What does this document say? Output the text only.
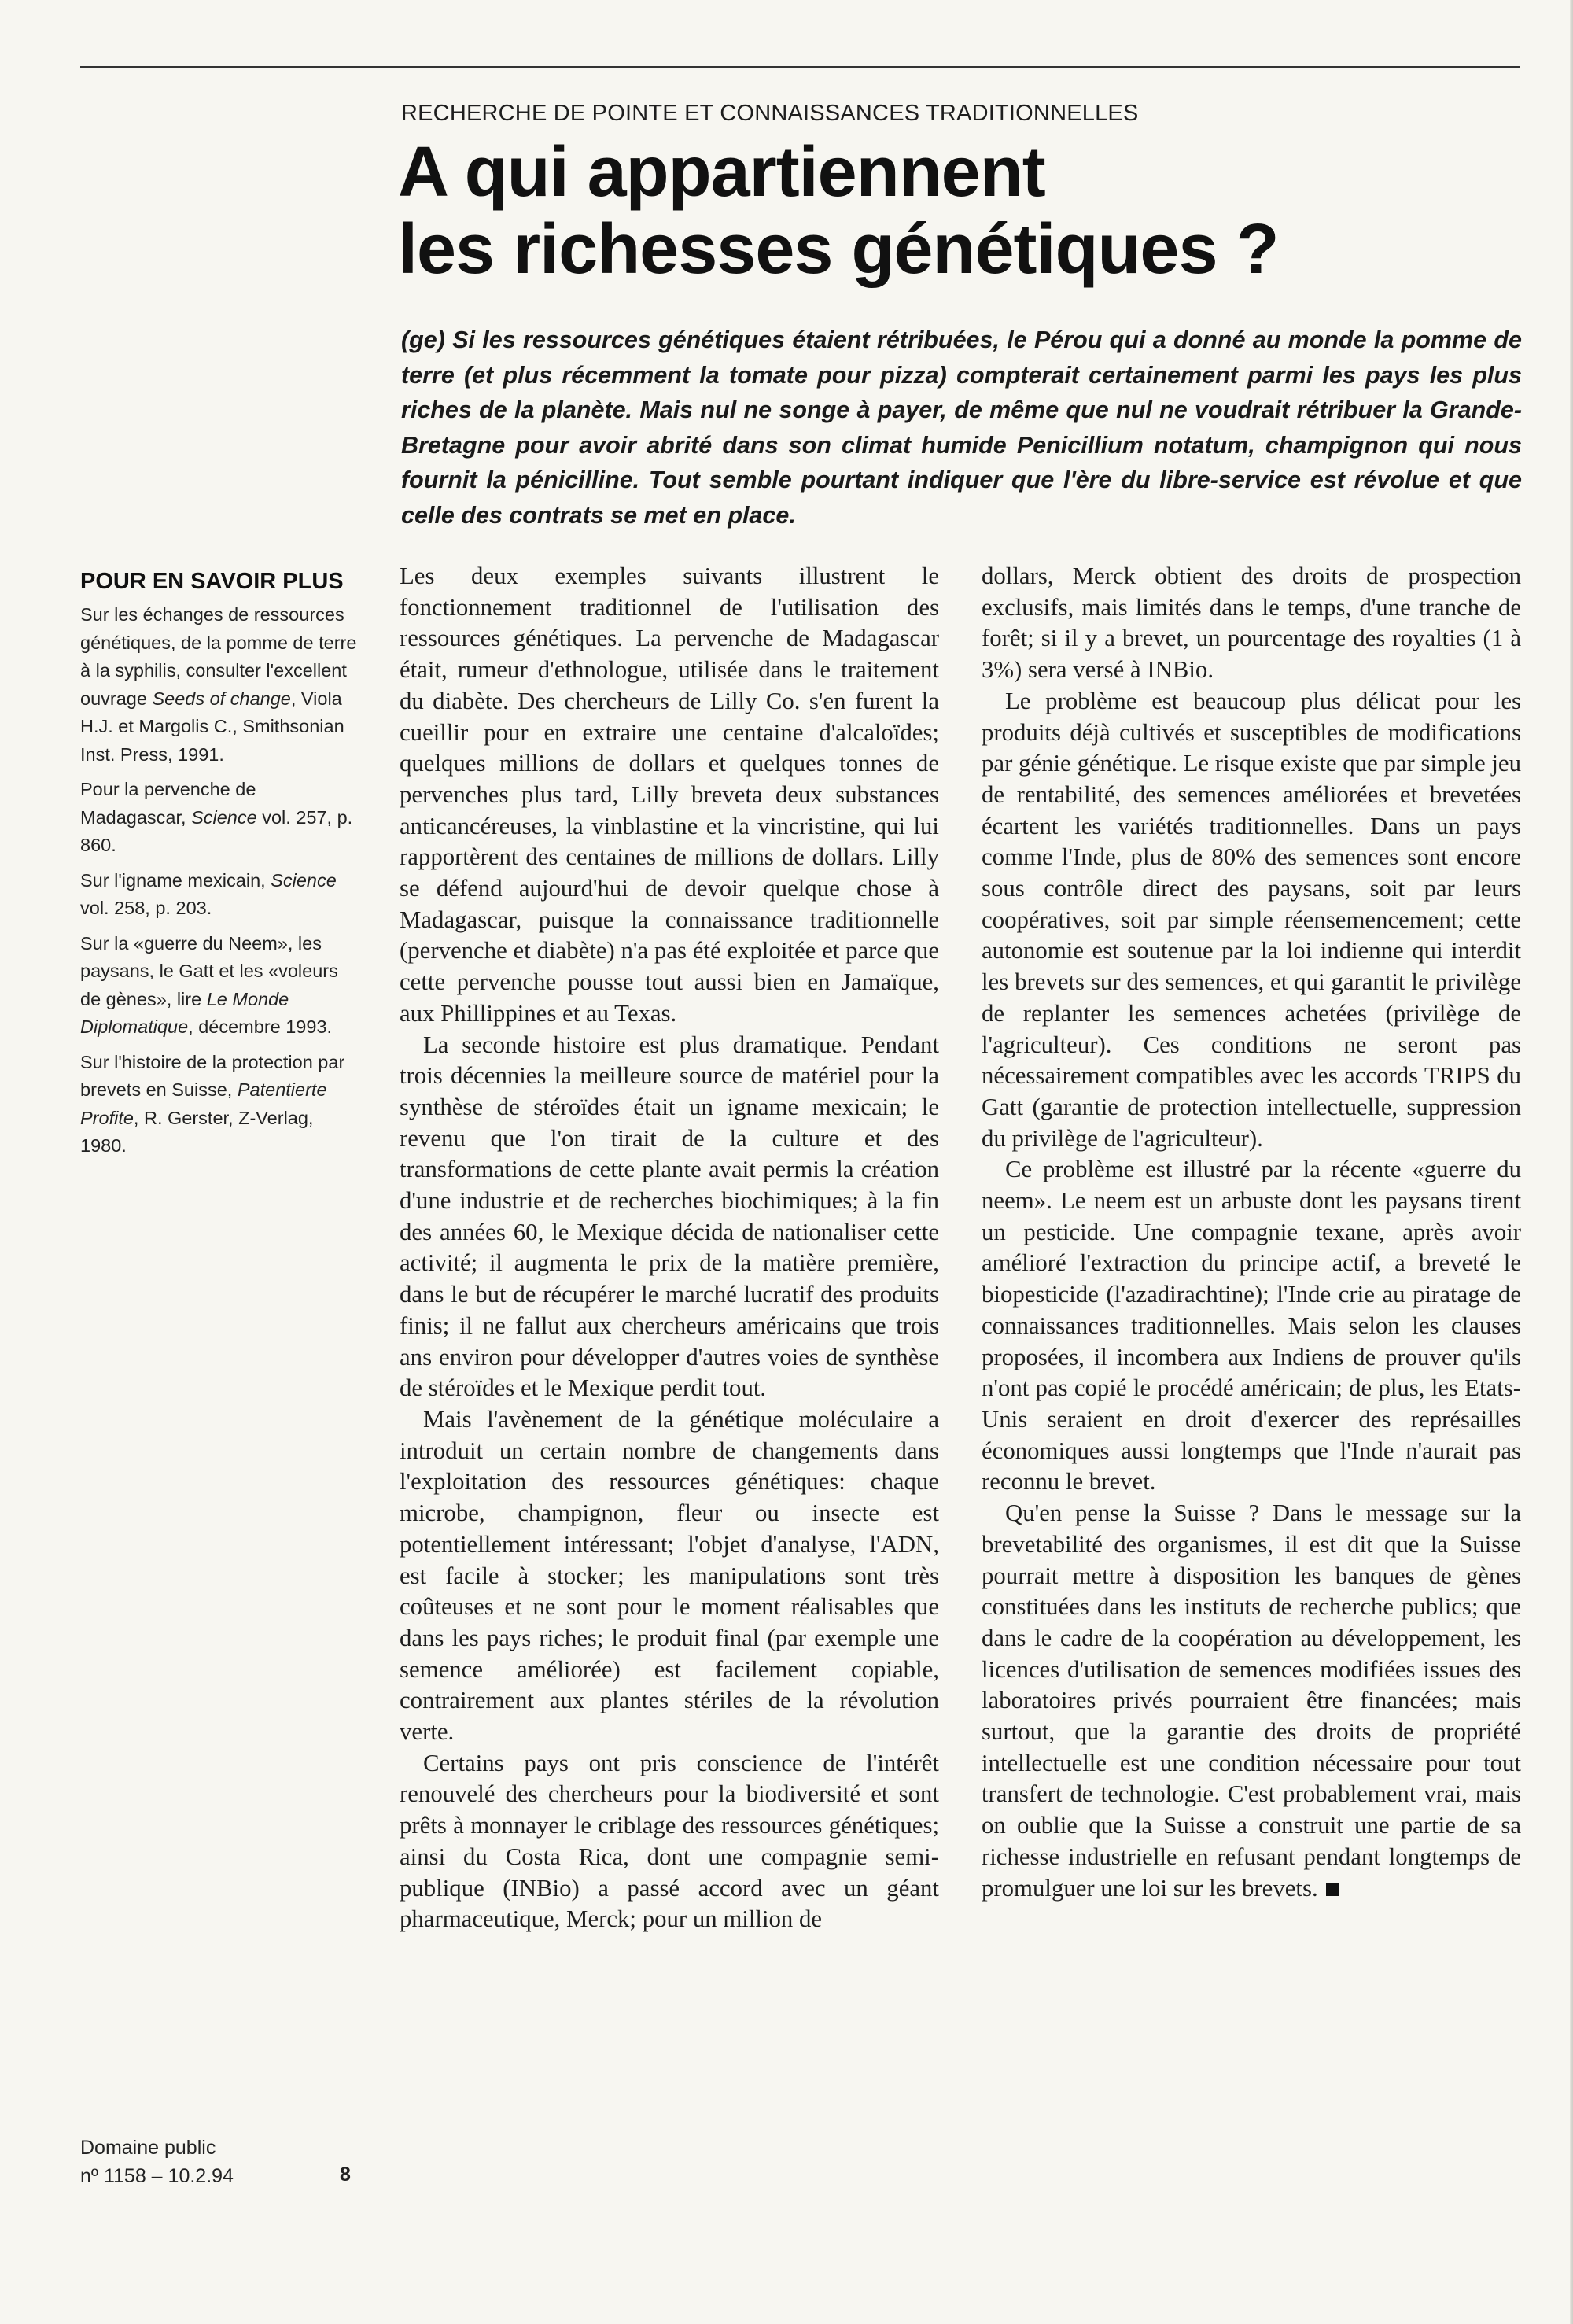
RECHERCHE DE POINTE ET CONNAISSANCES TRADITIONNELLES
A qui appartiennent
les richesses génétiques ?

(ge) Si les ressources génétiques étaient rétribuées, le Pérou qui a donné au monde la pomme de terre (et plus récemment la tomate pour pizza) compterait certainement parmi les pays les plus riches de la planète. Mais nul ne songe à payer, de même que nul ne voudrait rétribuer la Grande-Bretagne pour avoir abrité dans son climat humide Penicillium notatum, champignon qui nous fournit la pénicilline. Tout semble pourtant indiquer que l'ère du libre-service est révolue et que celle des contrats se met en place.

POUR EN SAVOIR PLUS
Sur les échanges de ressources génétiques, de la pomme de terre à la syphilis, consulter l'excellent ouvrage Seeds of change, Viola H.J. et Margolis C., Smithsonian Inst. Press, 1991.
Pour la pervenche de Madagascar, Science vol. 257, p. 860.
Sur l'igname mexicain, Science vol. 258, p. 203.
Sur la «guerre du Neem», les paysans, le Gatt et les «voleurs de gènes», lire Le Monde Diplomatique, décembre 1993.
Sur l'histoire de la protection par brevets en Suisse, Patentierte Profite, R. Gerster, Z-Verlag, 1980.

Les deux exemples suivants illustrent le fonctionnement traditionnel de l'utilisation des ressources génétiques. La pervenche de Madagascar était, rumeur d'ethnologue, utilisée dans le traitement du diabète. Des chercheurs de Lilly Co. s'en furent la cueillir pour en extraire une centaine d'alcaloïdes; quelques millions de dollars et quelques tonnes de pervenches plus tard, Lilly breveta deux substances anticancéreuses, la vinblastine et la vincristine, qui lui rapportèrent des centaines de millions de dollars. Lilly se défend aujourd'hui de devoir quelque chose à Madagascar, puisque la connaissance traditionnelle (pervenche et diabète) n'a pas été exploitée et parce que cette pervenche pousse tout aussi bien en Jamaïque, aux Phillippines et au Texas.

La seconde histoire est plus dramatique. Pendant trois décennies la meilleure source de matériel pour la synthèse de stéroïdes était un igname mexicain; le revenu que l'on tirait de la culture et des transformations de cette plante avait permis la création d'une industrie et de recherches biochimiques; à la fin des années 60, le Mexique décida de nationaliser cette activité; il augmenta le prix de la matière première, dans le but de récupérer le marché lucratif des produits finis; il ne fallut aux chercheurs américains que trois ans environ pour développer d'autres voies de synthèse de stéroïdes et le Mexique perdit tout.

Mais l'avènement de la génétique moléculaire a introduit un certain nombre de changements dans l'exploitation des ressources génétiques: chaque microbe, champignon, fleur ou insecte est potentiellement intéressant; l'objet d'analyse, l'ADN, est facile à stocker; les manipulations sont très coûteuses et ne sont pour le moment réalisables que dans les pays riches; le produit final (par exemple une semence améliorée) est facilement copiable, contrairement aux plantes stériles de la révolution verte.

Certains pays ont pris conscience de l'intérêt renouvelé des chercheurs pour la biodiversité et sont prêts à monnayer le criblage des ressources génétiques; ainsi du Costa Rica, dont une compagnie semi-publique (INBio) a passé accord avec un géant pharmaceutique, Merck; pour un million de

dollars, Merck obtient des droits de prospection exclusifs, mais limités dans le temps, d'une tranche de forêt; si il y a brevet, un pourcentage des royalties (1 à 3%) sera versé à INBio.

Le problème est beaucoup plus délicat pour les produits déjà cultivés et susceptibles de modifications par génie génétique. Le risque existe que par simple jeu de rentabilité, des semences améliorées et brevetées écartent les variétés traditionnelles. Dans un pays comme l'Inde, plus de 80% des semences sont encore sous contrôle direct des paysans, soit par leurs coopératives, soit par simple réensemencement; cette autonomie est soutenue par la loi indienne qui interdit les brevets sur des semences, et qui garantit le privilège de replanter les semences achetées (privilège de l'agriculteur). Ces conditions ne seront pas nécessairement compatibles avec les accords TRIPS du Gatt (garantie de protection intellectuelle, suppression du privilège de l'agriculteur).

Ce problème est illustré par la récente «guerre du neem». Le neem est un arbuste dont les paysans tirent un pesticide. Une compagnie texane, après avoir amélioré l'extraction du principe actif, a breveté le biopesticide (l'azadirachtine); l'Inde crie au piratage de connaissances traditionnelles. Mais selon les clauses proposées, il incombera aux Indiens de prouver qu'ils n'ont pas copié le procédé américain; de plus, les Etats-Unis seraient en droit d'exercer des représailles économiques aussi longtemps que l'Inde n'aurait pas reconnu le brevet.

Qu'en pense la Suisse ? Dans le message sur la brevetabilité des organismes, il est dit que la Suisse pourrait mettre à disposition les banques de gènes constituées dans les instituts de recherche publics; que dans le cadre de la coopération au développement, les licences d'utilisation de semences modifiées issues des laboratoires privés pourraient être financées; mais surtout, que la garantie des droits de propriété intellectuelle est une condition nécessaire pour tout transfert de technologie. C'est probablement vrai, mais on oublie que la Suisse a construit une partie de sa richesse industrielle en refusant pendant longtemps de promulguer une loi sur les brevets.

Domaine public
nº 1158 – 10.2.94	8
